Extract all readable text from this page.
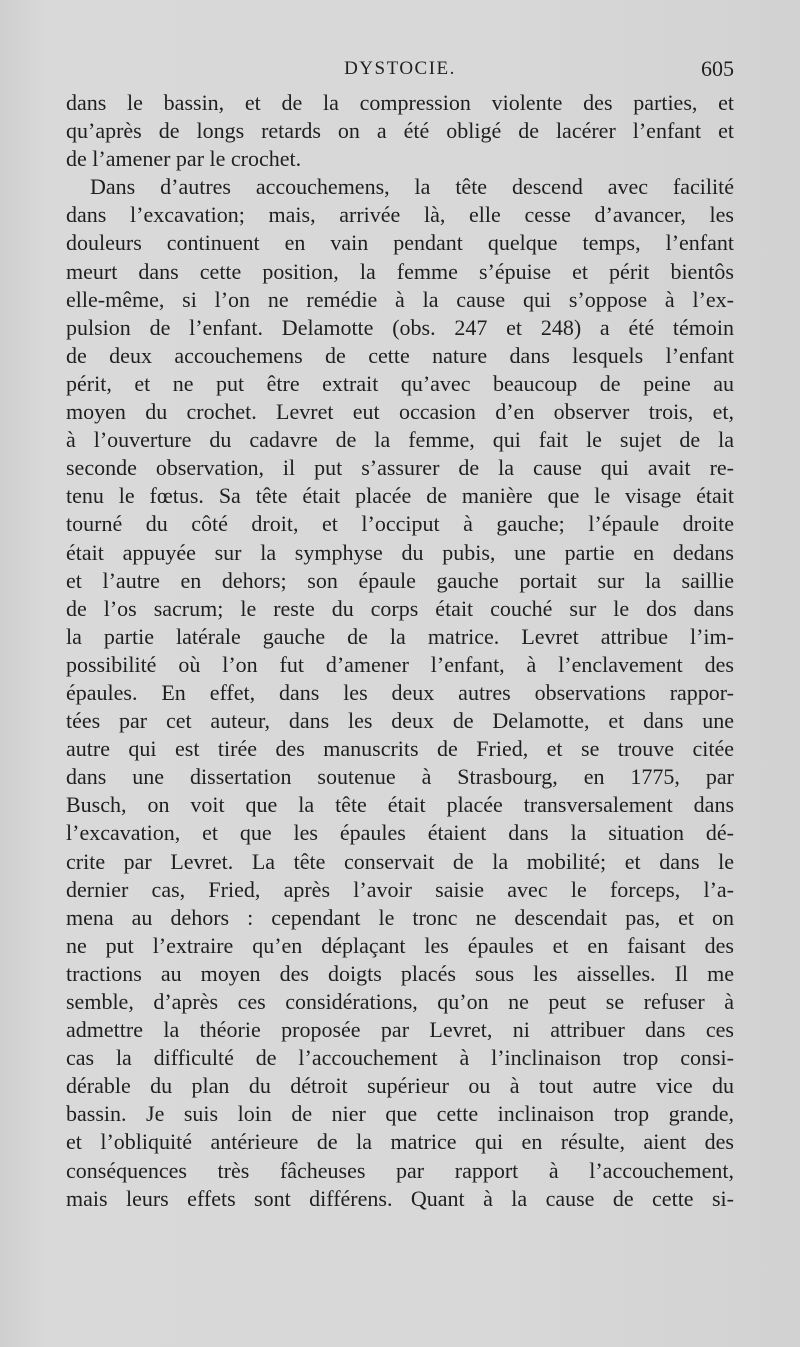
DYSTOCIE.	605
dans le bassin, et de la compression violente des parties, et
qu’après de longs retards on a été obligé de lacérer l’enfant et
de l’amener par le crochet.
Dans d’autres accouchemens, la tête descend avec facilité
dans l’excavation; mais, arrivée là, elle cesse d’avancer, les
douleurs continuent en vain pendant quelque temps, l’enfant
meurt dans cette position, la femme s’épuise et périt bientôs
elle-même, si l’on ne remédie à la cause qui s’oppose à l’ex-
pulsion de l’enfant. Delamotte (obs. 247 et 248) a été témoin
de deux accouchemens de cette nature dans lesquels l’enfant
périt, et ne put être extrait qu’avec beaucoup de peine au
moyen du crochet. Levret eut occasion d’en observer trois, et,
à l’ouverture du cadavre de la femme, qui fait le sujet de la
seconde observation, il put s’assurer de la cause qui avait re-
tenu le fœtus. Sa tête était placée de manière que le visage était
tourné du côté droit, et l’occiput à gauche; l’épaule droite
était appuyée sur la symphyse du pubis, une partie en dedans
et l’autre en dehors; son épaule gauche portait sur la saillie
de l’os sacrum; le reste du corps était couché sur le dos dans
la partie latérale gauche de la matrice. Levret attribue l’im-
possibilité où l’on fut d’amener l’enfant, à l’enclavement des
épaules. En effet, dans les deux autres observations rappor-
tées par cet auteur, dans les deux de Delamotte, et dans une
autre qui est tirée des manuscrits de Fried, et se trouve citée
dans une dissertation soutenue à Strasbourg, en 1775, par
Busch, on voit que la tête était placée transversalement dans
l’excavation, et que les épaules étaient dans la situation dé-
crite par Levret. La tête conservait de la mobilité; et dans le
dernier cas, Fried, après l’avoir saisie avec le forceps, l’a-
mena au dehors : cependant le tronc ne descendait pas, et on
ne put l’extraire qu’en déplaçant les épaules et en faisant des
tractions au moyen des doigts placés sous les aisselles. Il me
semble, d’après ces considérations, qu’on ne peut se refuser à
admettre la théorie proposée par Levret, ni attribuer dans ces
cas la difficulté de l’accouchement à l’inclinaison trop consi-
dérable du plan du détroit supérieur ou à tout autre vice du
bassin. Je suis loin de nier que cette inclinaison trop grande,
et l’obliquité antérieure de la matrice qui en résulte, aient des
conséquences très fâcheuses par rapport à l’accouchement,
mais leurs effets sont différens. Quant à la cause de cette si-
